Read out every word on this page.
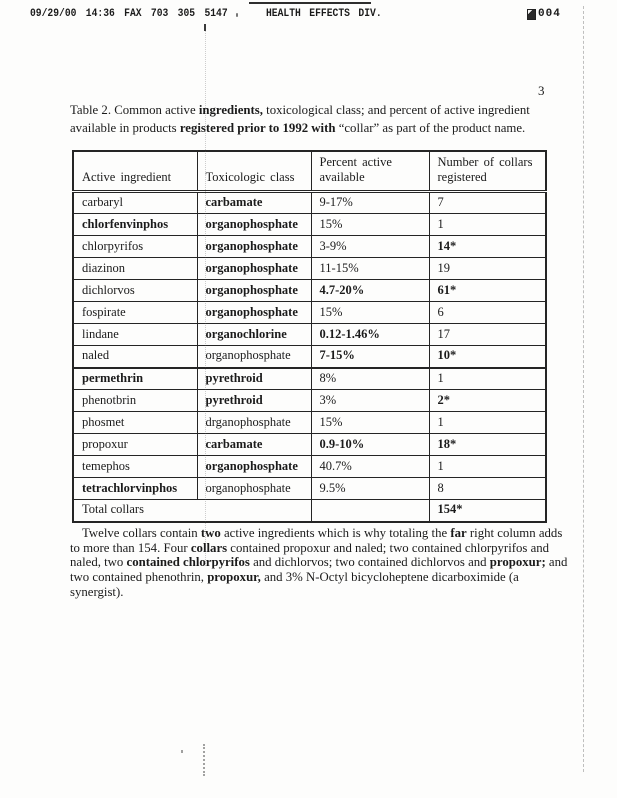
09/29/00 14:36 FAX 703 305 5147	HEALTH EFFECTS DIV.	004
3

Table 2. Common active ingredients, toxicological class; and percent of active ingredient
available in products registered prior to 1992 with “collar” as part of the product name.

Active ingredient	Toxicologic class	Percent active available	Number of collars registered
carbaryl	carbamate	9-17%	7
chlorfenvinphos	organophosphate	15%	1
chlorpyrifos	organophosphate	3-9%	14*
diazinon	organophosphate	11-15%	19
dichlorvos	organophosphate	4.7-20%	61*
fospirate	organophosphate	15%	6
lindane	organochlorine	0.12-1.46%	17
naled	organophosphate	7-15%	10*
permethrin	pyrethroid	8%	1
phenotbrin	pyrethroid	3%	2*
phosmet	drganophosphate	15%	1
propoxur	carbamate	0.9-10%	18*
temephos	organophosphate	40.7%	1
tetrachlorvinphos	organophosphate	9.5%	8
Total collars			154*

Twelve collars contain two active ingredients which is why totaling the far right column adds
to more than 154. Four collars contained propoxur and naled; two contained chlorpyrifos and
naled, two contained chlorpyrifos and dichlorvos; two contained dichlorvos and propoxur; and
two contained phenothrin, propoxur, and 3% N-Octyl bicycloheptene dicarboximide (a
synergist).
